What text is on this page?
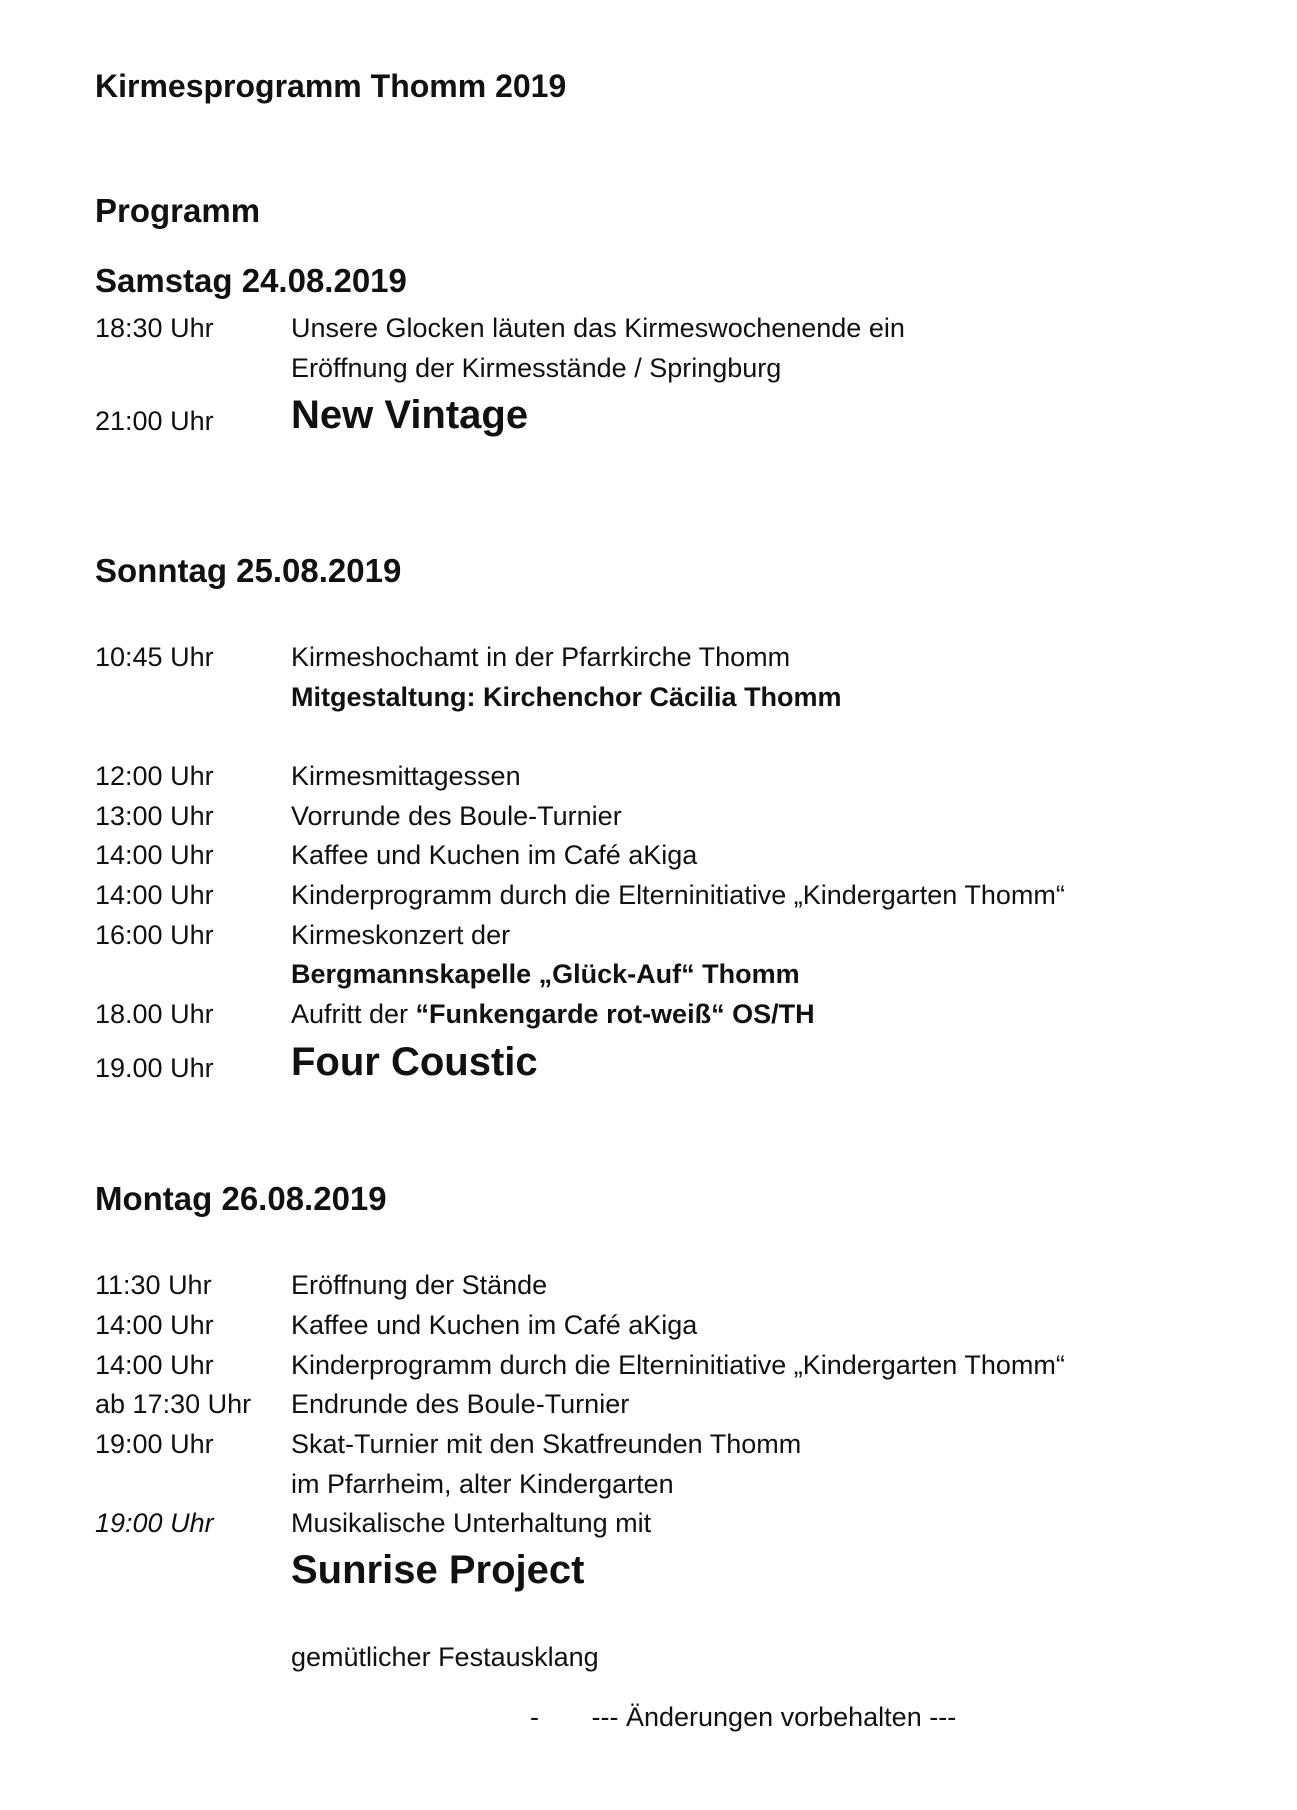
Kirmesprogramm Thomm 2019
Programm
Samstag 24.08.2019
18:30 Uhr	Unsere Glocken läuten das Kirmeswochenende ein
Eröffnung der Kirmesstände / Springburg
21:00 Uhr New Vintage
Sonntag 25.08.2019
10:45 Uhr	Kirmeshochamt in der Pfarrkirche Thomm
Mitgestaltung: Kirchenchor Cäcilia Thomm
12:00 Uhr	Kirmesmittagessen
13:00 Uhr	Vorrunde des Boule-Turnier
14:00 Uhr	Kaffee und Kuchen im Café aKiga
14:00 Uhr	Kinderprogramm durch die Elterninitiative „Kindergarten Thomm“
16:00 Uhr	Kirmeskonzert der
Bergmannskapelle „Glück-Auf“ Thomm
18.00 Uhr	Aufritt der “Funkengarde rot-weiß“ OS/TH
19.00 Uhr Four Coustic
Montag 26.08.2019
11:30 Uhr	Eröffnung der Stände
14:00 Uhr	Kaffee und Kuchen im Café aKiga
14:00 Uhr	Kinderprogramm durch die Elterninitiative „Kindergarten Thomm“
ab 17:30 Uhr Endrunde des Boule-Turnier
19:00 Uhr	Skat-Turnier mit den Skatfreunden Thomm
im Pfarrheim, alter Kindergarten
19:00 Uhr	Musikalische Unterhaltung mit
Sunrise Project
gemütlicher Festausklang
-       --- Änderungen vorbehalten ---
